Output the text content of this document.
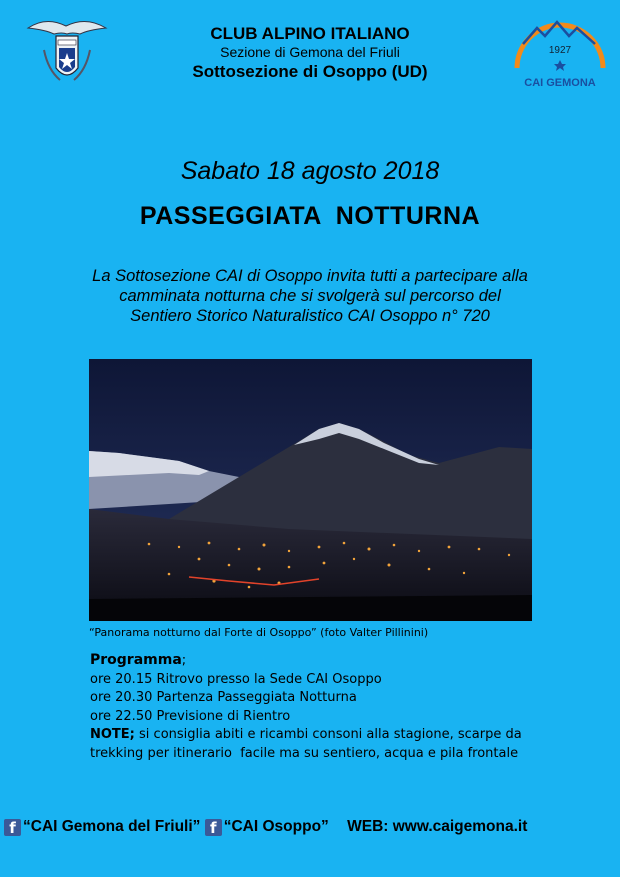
1927
CAI GEMONA
CLUB ALPINO ITALIANO
Sezione di Gemona del Friuli
Sottosezione di Osoppo (UD)
Sabato 18 agosto 2018
PASSEGGIATA  NOTTURNA
La Sottosezione CAI di Osoppo invita tutti a partecipare alla
camminata notturna che si svolgerà sul percorso del
Sentiero Storico Naturalistico CAI Osoppo n° 720
“Panorama notturno dal Forte di Osoppo” (foto Valter Pillinini)
Programma;
ore 20.15 Ritrovo presso la Sede CAI Osoppo
ore 20.30 Partenza Passeggiata Notturna
ore 22.50 Previsione di Rientro
NOTE; si consiglia abiti e ricambi consoni alla stagione, scarpe da
trekking per itinerario  facile ma su sentiero, acqua e pila frontale
f “CAI Gemona del Friuli” f “CAI Osoppo” WEB: www.caigemona.it
